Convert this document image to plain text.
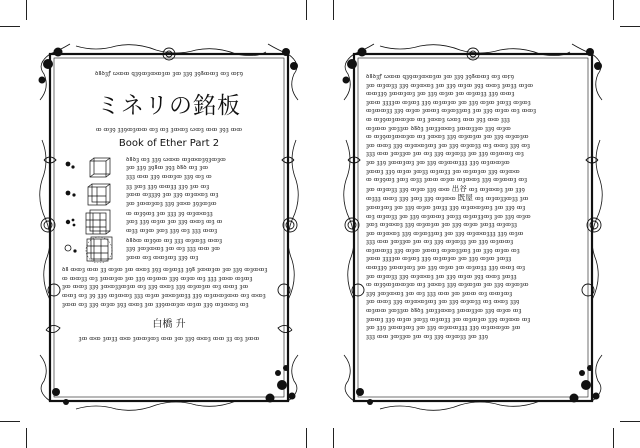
ꝺꝸꝺꝫꝭ ꞷꝏꝏ ꝗꝫꝯꝏꝫꝏꝏꝫꝏ ꝫꝏ ꝫꝫꝯ ꝫꝯꝸꝏꝏꝫ ꝏꝫ ꝏꝼꝯ
ミネリの銘板
ꝏ ꝏꝫꝯ ꝫꝫꝯꝏꝫꝏꝏ ꝏꝫ ꝏꝫ ꝫꝏꝏꝫ ꞷꝏꝫ ꝏꝏ ꝫꝯꝫ ꝏꝏ
Book of Ether Part 2
ꝺꝸꝺꝫ ꝏꝫ ꝫꝫꝯ ꞷꝏꝏ ꝏꝫꝏꝏꝫꝯꝫꝏꝫꝏ
ꝫꝏ ꝫꝫꝯ ꝫꝯꝸꝏ ꝫꝯꝫ ꝺꝸꝺ ꝏꝫ ꝫꝏ
ꝫꝫꝫ ꝏꝏ ꝫꝫꝯ ꝏꝏꝫꝏ ꝫꝫꝯ ꝏꝫ ꝏ
ꝫꝫ ꝫꝏꝫ ꝫꝫꝯ ꝏꝏꝫꝫ ꝫꝫꝯ ꝫꝏ ꝏꝫ
ꝫꝏꝏ ꝏꝫꝫꝫꝯ ꝫꝏ ꝫꝫꝯ ꝏꝫꝏꝏꝫ ꝏꝫ
ꝫꝏ ꝫꝏꝏꝫꝏꝫ ꝫꝫꝯ ꝫꝏꝏ ꝫꝯꝫꝏꝫꝏ
ꝏ ꝏꝫꝯꝏꝫ ꝫꝏ ꝫꝫꝫ ꝫꝯ ꝏꝫꝏꝏꝫꝫ
ꝫꝏꝫ ꝫꝫꝯ ꝏꝫꝏ ꝫꝏ ꝫꝫꝯ ꝏꝏꝫ ꝏꝫ ꝏ
ꝏꝫꝫ ꝏꝫꝏ ꝫꝏꝫ ꝫꝫꝯ ꝏꝫ ꝫꝫꝫ ꝏꝏꝫ
ꝺꝸꝺꝏ ꝏꝫꝯꝏ ꝏꝫ ꝫꝫꝫ ꝏꝫꝏꝫꝫ ꝏꝏꝫ
ꝫꝫꝯ ꝫꝏꝫꝏꝏꝫ ꝫꝏ ꝏꝫ ꝫꝫꝫ ꝏꝏ ꝫꝏ
ꝫꝏꝏ ꝏꝫ ꝏꝏꝫꝏꝫ ꝫꝫꝯ ꝏꝫ
ꝺꝸ ꝏꝏꝫ ꝏꝏ ꝫꝫ ꝏꝫꝏ ꝫꝏ ꝏꝏꝫ ꝫꝯꝫ ꝏꝫꝏꝫꝫ ꝫꝯꝸ ꝫꝏꝏꝫꝏ ꝫꝏ ꝫꝫꝯ ꝏꝫꝏꝏꝫ
ꝏ ꝏꝏꝫꝫ ꝏꝫ ꝫꝏꝏꝫꝏ ꝫꝏ ꝫꝫꝯ ꝏꝫꝏꝏ ꝫꝫꝯ ꝏꝫꝏ ꝏꝫ ꝫꝫꝫ ꝫꝏꝏ ꝏꝫꝏꝫ
ꝫꝏ ꝏꝏꝫ ꝫꝫꝯ ꝫꝏꝏꝫꝫꝏꝫꝏ ꝏꝫ ꝫꝫꝯ ꝏꝏꝫ ꝫꝫꝯ ꝏꝫꝏꝫꝏ ꝏꝫ ꝏꝏꝫ ꝫꝏ
ꝏꝏꝫ ꝏꝫ ꝫꝯ ꝫꝫꝯ ꝏꝫꝏꝏꝫ ꝫꝫꝫ ꝏꝫꝏ ꝫꝏꝏꝫꝏꝫꝫ ꝫꝫꝯ ꝏꝫꝏꝏꝫꝏꝏ ꝏꝫ ꝏꝏꝫ
ꝫꝏꝏ ꝏꝫ ꝫꝫꝯ ꝏꝫꝏ ꝫꝯꝫ ꝏꝏꝫ ꝫꝏ ꝫꝫꝯꝏꝏꝫꝏ ꝏꝫꝏ ꝫꝫꝯ ꝏꝫꝏꝏꝫ ꝏꝫ
白橋 升
ꝫꝏ ꝏꝏ ꝫꝏꝫꝫ ꝏꝏ ꝫꝏꝏꝫꝏꝫ ꝏꝏ ꝫꝏ ꝫꝫꝯ ꝏꝏꝫ ꝏꝏ ꝫꝫ ꝏꝫ ꝫꝏꝏ
ꝺꝸꝺꝫꝭ ꞷꝏꝏ ꝗꝫꝯꝏꝫꝏꝏꝫꝏ ꝫꝏ ꝫꝫꝯ ꝫꝯꝸꝏꝏꝫ ꝏꝫ ꝏꝼꝯ
ꝫꝏ ꝏꝫꝏꝫꝫ ꝫꝫꝯ ꝏꝫꝏꝏꝫ ꝫꝏ ꝫꝫꝯ ꝏꝫꝏ ꝫꝯꝫ ꝏꝏꝫ ꝫꝏꝫꝫ ꝏꝫꝏ
ꝏꝏꝫꝫꝯ ꝫꝏꝏꝫꝏꝫ ꝫꝏ ꝫꝫꝯ ꝏꝫꝏ ꝫꝏ ꝏꝫꝏꝫꝫ ꝫꝫꝯ ꝏꝏꝫ
ꝫꝏꝏ ꝫꝫꝫꝫꝏ ꝏꝫꝏꝫ ꝫꝫꝯ ꝏꝫꝏꝫꝏ ꝫꝏ ꝫꝫꝯ ꝏꝫꝏ ꝫꝏꝫꝫ ꝏꝫꝏꝫ
ꝏꝫꝏꝏꝫꝫ ꝫꝫꝯ ꝏꝫꝏ ꝫꝏꝏꝫ ꝏꝫꝏꝫꝫꝏꝫ ꝫꝏ ꝫꝫꝯ ꝏꝫꝏ ꝏꝫ ꝏꝏꝫ
ꝏ ꝏꝫꝯꝏꝫꝏꝏꝫꝏ ꝏꝫ ꝫꝏꝏꝫ ꞷꝏꝫ ꝏꝏ ꝫꝯꝫ ꝏꝏ ꝫꝫꝫ
ꝏꝫꝏꝏ ꝫꝏꝫꝫꝏ ꝺꝸꝺꝫ ꝫꝏꝫꝫꝏꝏꝫ ꝫꝏꝏꝫꝫꝏ ꝫꝫꝯ ꝏꝫꝏ
ꝏ ꝏꝫꝯꝏꝫꝏꝏꝫꝏ ꝏꝫ ꝫꝏꝏꝫ ꝫꝫꝯ ꝏꝫꝏꝫꝏ ꝫꝏ ꝫꝫꝯ ꝏꝫꝏꝫꝏ
ꝫꝏ ꝏꝏꝫ ꝫꝫꝯ ꝏꝫꝏꝏꝫꝏꝫ ꝫꝏ ꝫꝫꝯ ꝏꝫꝏꝫꝫ ꝏꝫ ꝏꝏꝫ ꝫꝫꝯ ꝏꝫ
ꝫꝫꝫ ꝏꝏ ꝫꝏꝫꝫꝏ ꝫꝏ ꝏꝫ ꝫꝫꝯ ꝏꝫꝏꝫꝫ ꝫꝏ ꝫꝫꝯ ꝏꝫꝏꝏꝫ ꝏꝫ
ꝫꝏ ꝫꝫꝯ ꝫꝏꝏꝫꝏꝫ ꝫꝏ ꝫꝫꝯ ꝏꝫꝏꝏꝫꝫꝫ ꝫꝫꝯ ꝏꝫꝏꝏꝫꝏ
ꝫꝏꝏꝫ ꝫꝫꝯ ꝏꝫꝏ ꝫꝏꝫꝫ ꝏꝫꝏꝫꝫ ꝫꝏ ꝏꝫꝏꝫꝏ ꝫꝫꝯ ꝏꝫꝏꝏ
ꝏ ꝏꝫꝯꝏꝫ ꝫꝏꝫ ꝏꝫꝫ ꝫꝏꝏ ꝏꝫꝏ ꝏꝫꝏꝏꝫ ꝫꝫꝯ ꝏꝫꝏꝏꝫ ꝏꝫ
ꝫꝏ ꝏꝫꝏꝫꝫ ꝫꝫꝯ ꝏꝫꝏ ꝫꝫꝯ ꝏꝏ 出谷 ꝏꝫ ꝏꝫꝏꝏꝫ ꝫꝏ ꝫꝫꝯ
ꝏꝫꝫꝫ ꝏꝏꝫ ꝫꝫꝯ ꝫꝏꝫ ꝫꝫꝯ ꝏꝫꝏꝏ 既屋 ꝏꝫ ꝏꝫꝏꝫꝫꝏꝫꝫ ꝫꝏ
ꝫꝏꝏꝫꝏꝫ ꝫꝏ ꝫꝫꝯ ꝏꝫꝏ ꝫꝏꝫꝫ ꝫꝫꝯ ꝏꝫꝏꝏꝫꝏꝫ ꝫꝏ ꝫꝫꝯ ꝏꝫ
ꝏꝫ ꝏꝫꝏꝫꝫ ꝫꝏ ꝫꝫꝯ ꝏꝫꝏꝏꝫ ꝫꝏꝫꝫ ꝏꝫꝏꝫꝫꝏꝫ ꝫꝏ ꝫꝫꝯ ꝏꝫꝏ
ꝫꝏꝫ ꝏꝫꝏꝏꝫ ꝫꝫꝯ ꝏꝫꝏꝫꝏ ꝫꝏ ꝫꝫꝯ ꝏꝫꝏ ꝫꝏꝫꝫ ꝏꝫꝏꝫꝫ
ꝫꝏ ꝏꝫꝏꝏꝫ ꝫꝫꝯ ꝏꝫꝏꝫꝫꝏꝫ ꝫꝏ ꝫꝫꝯ ꝏꝫꝏꝏꝫꝫꝫ ꝫꝫꝯ ꝏꝫꝏ
ꝫꝫꝫ ꝏꝏ ꝫꝏꝫꝫꝏ ꝫꝏ ꝏꝫ ꝫꝫꝯ ꝏꝫꝏꝫꝫ ꝫꝏ ꝫꝫꝯ ꝏꝫꝏꝏꝫ
ꝏꝫꝏꝏꝫꝫ ꝫꝫꝯ ꝏꝫꝏ ꝫꝏꝏꝫ ꝏꝫꝏꝫꝫꝏꝫ ꝫꝏ ꝫꝫꝯ ꝏꝫꝏ ꝏꝫ
ꝫꝏꝏ ꝫꝫꝫꝫꝏ ꝏꝫꝏꝫ ꝫꝫꝯ ꝏꝫꝏꝫꝏ ꝫꝏ ꝫꝫꝯ ꝏꝫꝏ ꝫꝏꝫꝫ
ꝏꝏꝫꝫꝯ ꝫꝏꝏꝫꝏꝫ ꝫꝏ ꝫꝫꝯ ꝏꝫꝏ ꝫꝏ ꝏꝫꝏꝫꝫ ꝫꝫꝯ ꝏꝏꝫ ꝏꝫ
ꝫꝏ ꝏꝫꝏꝫꝫ ꝫꝫꝯ ꝏꝫꝏꝏꝫ ꝫꝏ ꝫꝫꝯ ꝏꝫꝏ ꝫꝯꝫ ꝏꝏꝫ ꝫꝏꝫꝫ
ꝏ ꝏꝫꝯꝏꝫꝏꝏꝫꝏ ꝏꝫ ꝫꝏꝏꝫ ꝫꝫꝯ ꝏꝫꝏꝫꝏ ꝫꝏ ꝫꝫꝯ ꝏꝫꝏꝫꝏ
ꝫꝫꝯ ꝫꝏꝫꝏꝏꝫ ꝫꝏ ꝏꝫ ꝫꝫꝫ ꝏꝏ ꝫꝏ ꝫꝏꝏ ꝏꝫ ꝏꝏꝫꝏꝫ
ꝫꝏ ꝏꝏꝫ ꝫꝫꝯ ꝏꝫꝏꝏꝫꝏꝫ ꝫꝏ ꝫꝫꝯ ꝏꝫꝏꝫꝫ ꝏꝫ ꝏꝏꝫ ꝫꝫꝯ
ꝏꝫꝏꝏ ꝫꝏꝫꝫꝏ ꝺꝸꝺꝫ ꝫꝏꝫꝫꝏꝏꝫ ꝫꝏꝏꝫꝫꝏ ꝫꝫꝯ ꝏꝫꝏ ꝏꝫ
ꝫꝏꝏꝫ ꝫꝫꝯ ꝏꝫꝏ ꝫꝏꝫꝫ ꝏꝫꝏꝫꝫ ꝫꝏ ꝏꝫꝏꝫꝏ ꝫꝫꝯ ꝏꝫꝏꝏ ꝏꝫ
ꝫꝏ ꝫꝫꝯ ꝫꝏꝏꝫꝏꝫ ꝫꝏ ꝫꝫꝯ ꝏꝫꝏꝏꝫꝫꝫ ꝫꝫꝯ ꝏꝫꝏꝏꝫꝏ ꝫꝏ
ꝫꝫꝫ ꝏꝏ ꝫꝏꝫꝫꝏ ꝫꝏ ꝏꝫ ꝫꝫꝯ ꝏꝫꝏꝫꝫ ꝫꝏ ꝫꝫꝯ
